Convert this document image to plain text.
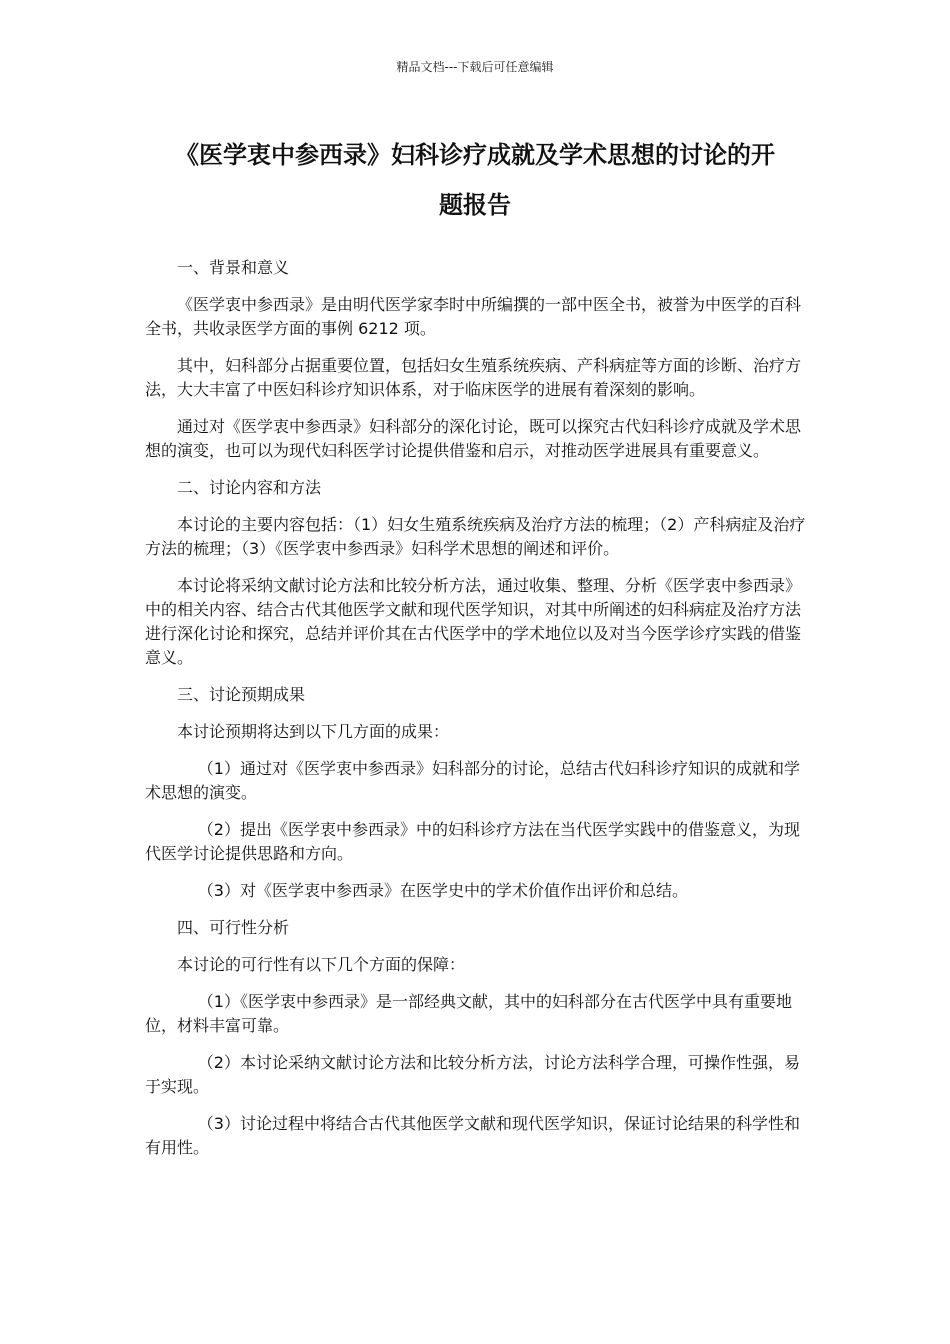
精品文档---下载后可任意编辑
《医学衷中参西录》妇科诊疗成就及学术思想的讨论的开
题报告

一、背景和意义

《医学衷中参西录》是由明代医学家李时中所编撰的一部中医全书，被誉为中医学的百科全书，共收录医学方面的事例 6212 项。

其中，妇科部分占据重要位置，包括妇女生殖系统疾病、产科病症等方面的诊断、治疗方法，大大丰富了中医妇科诊疗知识体系，对于临床医学的进展有着深刻的影响。

通过对《医学衷中参西录》妇科部分的深化讨论，既可以探究古代妇科诊疗成就及学术思想的演变，也可以为现代妇科医学讨论提供借鉴和启示，对推动医学进展具有重要意义。

二、讨论内容和方法

本讨论的主要内容包括：（1）妇女生殖系统疾病及治疗方法的梳理；（2）产科病症及治疗方法的梳理；（3）《医学衷中参西录》妇科学术思想的阐述和评价。

本讨论将采纳文献讨论方法和比较分析方法，通过收集、整理、分析《医学衷中参西录》中的相关内容、结合古代其他医学文献和现代医学知识，对其中所阐述的妇科病症及治疗方法进行深化讨论和探究，总结并评价其在古代医学中的学术地位以及对当今医学诊疗实践的借鉴意义。

三、讨论预期成果

本讨论预期将达到以下几方面的成果：

（1）通过对《医学衷中参西录》妇科部分的讨论，总结古代妇科诊疗知识的成就和学术思想的演变。

（2）提出《医学衷中参西录》中的妇科诊疗方法在当代医学实践中的借鉴意义，为现代医学讨论提供思路和方向。

（3）对《医学衷中参西录》在医学史中的学术价值作出评价和总结。

四、可行性分析

本讨论的可行性有以下几个方面的保障：

（1）《医学衷中参西录》是一部经典文献，其中的妇科部分在古代医学中具有重要地位，材料丰富可靠。

（2）本讨论采纳文献讨论方法和比较分析方法，讨论方法科学合理，可操作性强，易于实现。

（3）讨论过程中将结合古代其他医学文献和现代医学知识，保证讨论结果的科学性和有用性。
